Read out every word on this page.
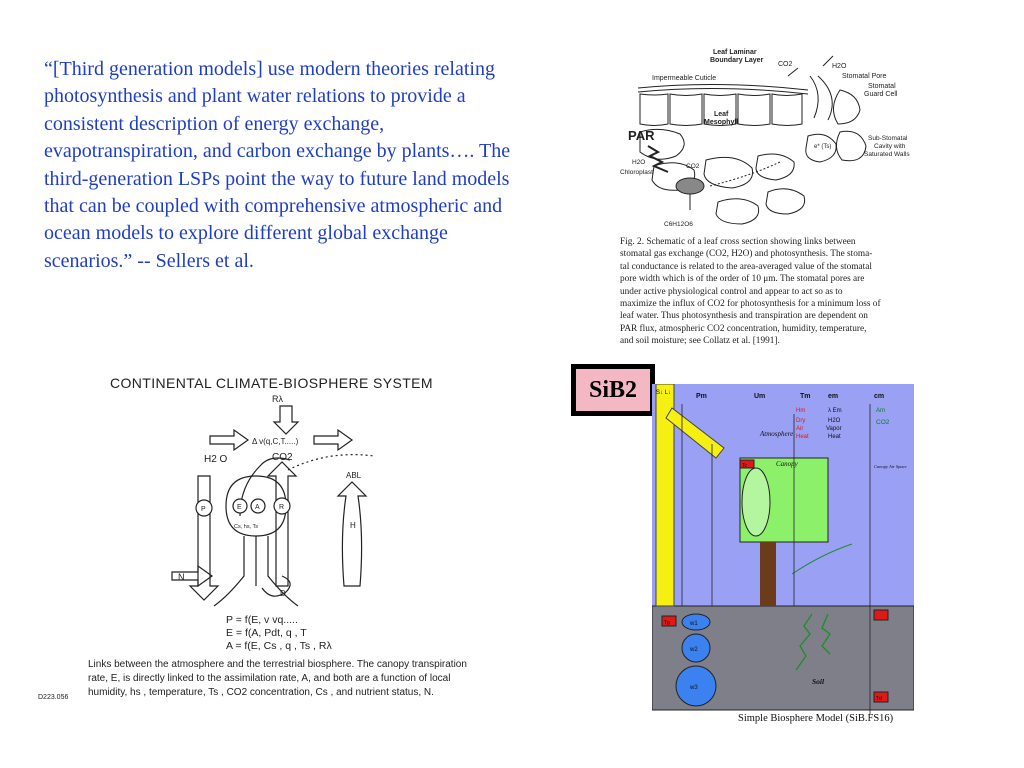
“[Third generation models] use modern theories relating photosynthesis and plant water relations to provide a consistent description of energy exchange, evapotranspiration, and carbon exchange by plants…. The third-generation LSPs point the way to future land models that can be coupled with comprehensive atmospheric and ocean models to explore different global exchange scenarios.” -- Sellers et al.
Leaf Laminar
Boundary Layer
CO2	H2O
Stomatal Pore
Stomatal
Guard Cell
Impermeable Cuticle
Leaf
Mesophyll
PAR
H2O
Chloroplast
CO2
C6H12O6
e* (Ts)
Sub-Stomatal
Cavity with
Saturated Walls
Fig. 2. Schematic of a leaf cross section showing links between
stomatal gas exchange (CO2, H2O) and photosynthesis. The stoma-
tal conductance is related to the area-averaged value of the stomatal
pore width which is of the order of 10 μm. The stomatal pores are
under active physiological control and appear to act so as to
maximize the influx of CO2 for photosynthesis for a minimum loss of
leaf water. Thus photosynthesis and transpiration are dependent on
PAR flux, atmospheric CO2 concentration, humidity, temperature,
and soil moisture; see Collatz et al. [1991].
CONTINENTAL CLIMATE-BIOSPHERE SYSTEM
Rλ
Δ v(q,C,T.....)
H2 O	CO2
ABL
P	E A	R
H
N
D
Cs, hs, Ts
P = f(E, v vq.....
E = f(A, Pdt, q , T
A = f(E, Cs , q , Ts , Rλ
Links between the atmosphere and the terrestrial biosphere. The canopy transpiration
rate, E, is directly linked to the assimilation rate, A, and both are a function of local
humidity, hs , temperature, Ts , CO2 concentration, Cs , and nutrient status, N.
D223.056
SiB2	S↓ L↓	Pm	Um	Tm	em	cm
Hm	λ Em	Am
Dry
Air
Heat
H2O
Vapor
Heat
CO2
Atmosphere
Canopy	Canopy Air Space
Soil
w1
w2
w3
Tg
Tc
Td
Simple Biosphere Model (SiB.FS16)
